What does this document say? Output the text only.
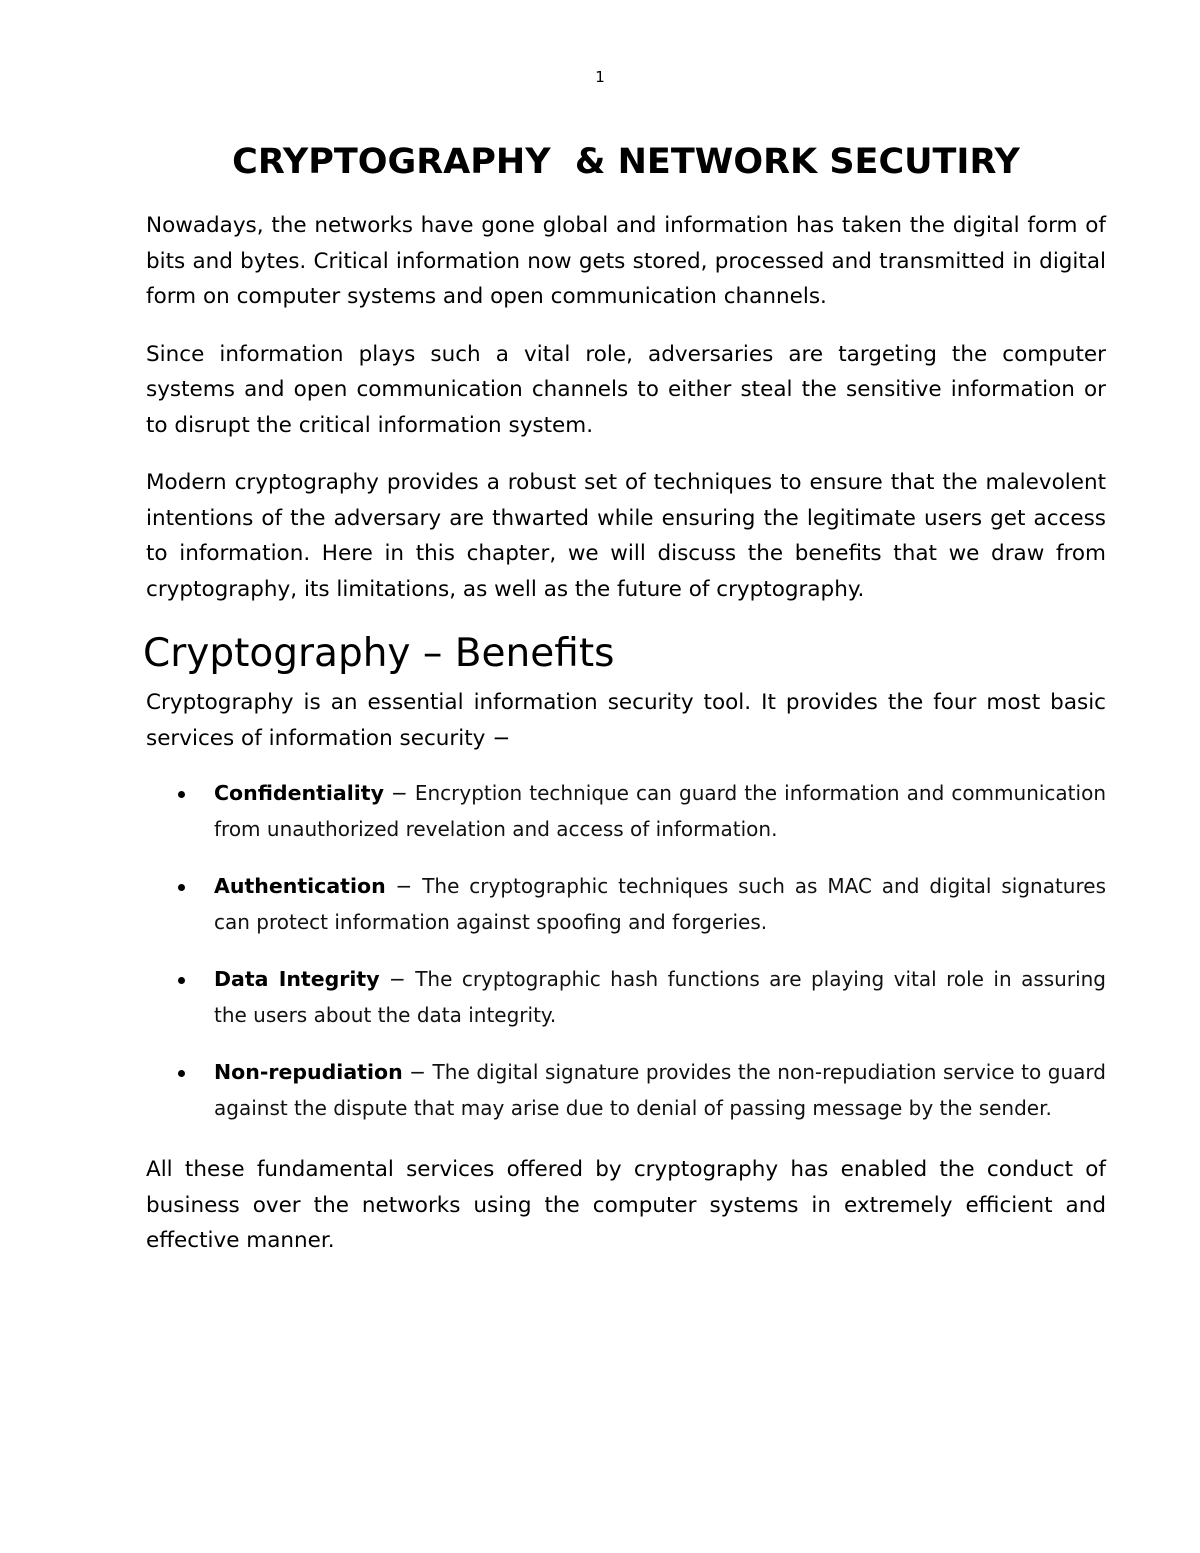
1
CRYPTOGRAPHY  & NETWORK SECUTIRY

Nowadays, the networks have gone global and information has taken the digital form of bits and bytes. Critical information now gets stored, processed and transmitted in digital form on computer systems and open communication channels.

Since information plays such a vital role, adversaries are targeting the computer systems and open communication channels to either steal the sensitive information or to disrupt the critical information system.

Modern cryptography provides a robust set of techniques to ensure that the malevolent intentions of the adversary are thwarted while ensuring the legitimate users get access to information. Here in this chapter, we will discuss the benefits that we draw from cryptography, its limitations, as well as the future of cryptography.

Cryptography – Benefits

Cryptography is an essential information security tool. It provides the four most basic services of information security −

Confidentiality − Encryption technique can guard the information and communication from unauthorized revelation and access of information.
Authentication − The cryptographic techniques such as MAC and digital signatures can protect information against spoofing and forgeries.
Data Integrity − The cryptographic hash functions are playing vital role in assuring the users about the data integrity.
Non-repudiation − The digital signature provides the non-repudiation service to guard against the dispute that may arise due to denial of passing message by the sender.

All these fundamental services offered by cryptography has enabled the conduct of business over the networks using the computer systems in extremely efficient and effective manner.
